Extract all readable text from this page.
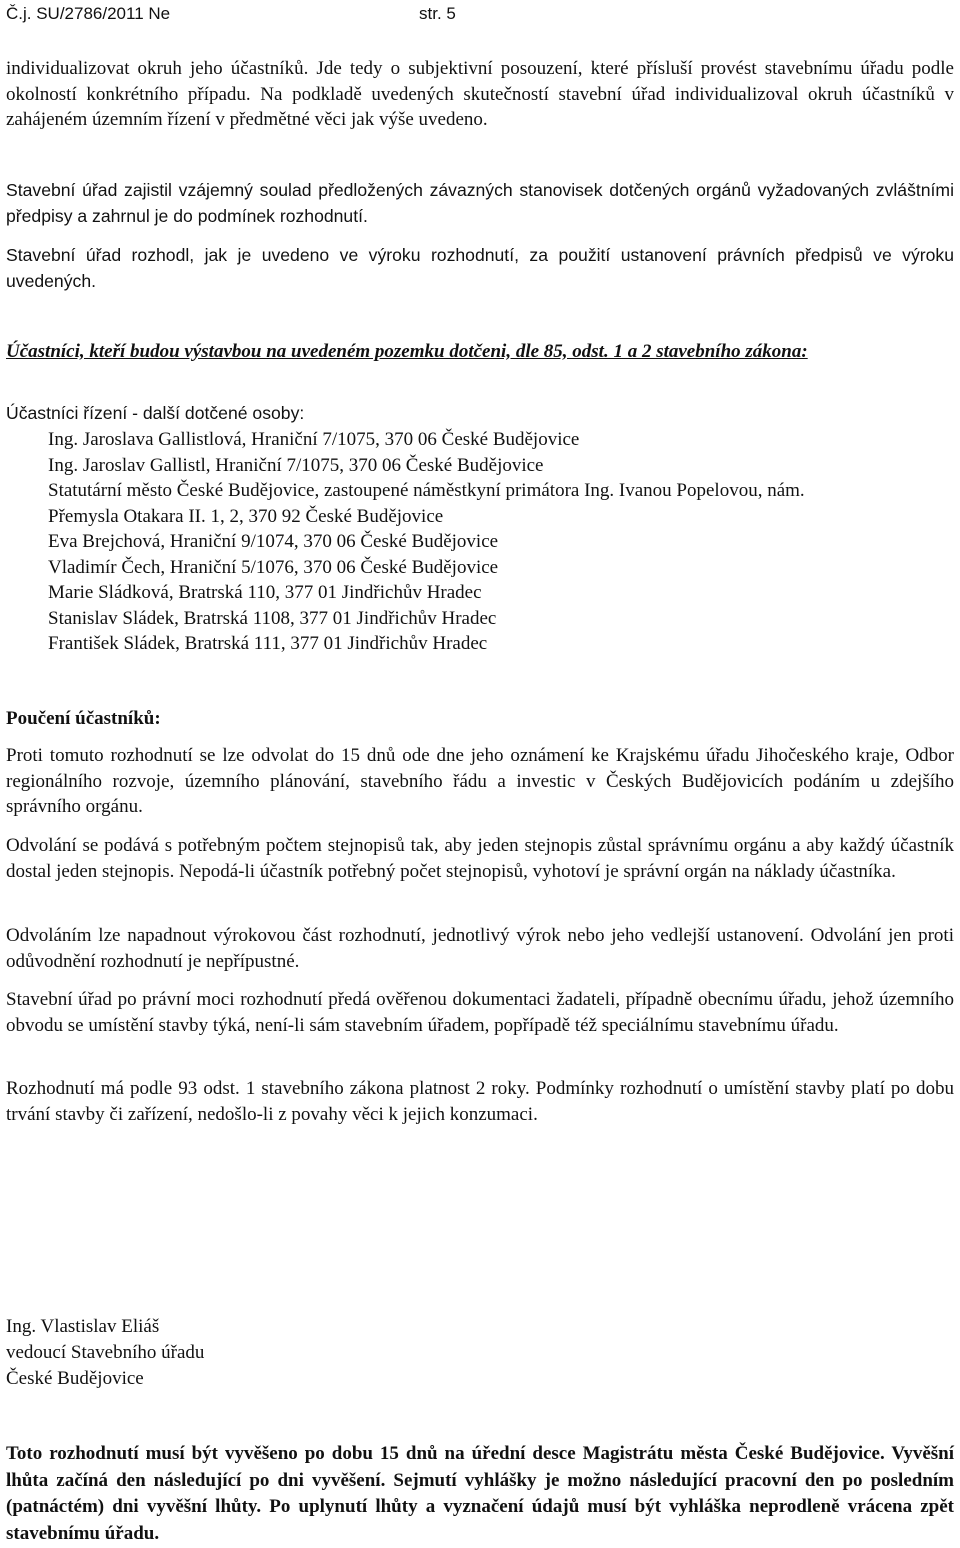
Č.j. SU/2786/2011 Ne	str. 5

individualizovat okruh jeho účastníků. Jde tedy o subjektivní posouzení, které přísluší provést stavebnímu úřadu podle okolností konkrétního případu. Na podkladě uvedených skutečností stavební úřad individualizoval okruh účastníků v zahájeném územním řízení v předmětné věci jak výše uvedeno.

Stavební úřad zajistil vzájemný soulad předložených závazných stanovisek dotčených orgánů vyžadovaných zvláštními předpisy a zahrnul je do podmínek rozhodnutí.

Stavební úřad rozhodl, jak je uvedeno ve výroku rozhodnutí, za použití ustanovení právních předpisů ve výroku uvedených.

Účastníci, kteří budou výstavbou na uvedeném pozemku dotčeni, dle 85, odst. 1 a 2 stavebního zákona:

Účastníci řízení - další dotčené osoby:

Ing. Jaroslava Gallistlová, Hraniční 7/1075, 370 06 České Budějovice
Ing. Jaroslav Gallistl, Hraniční 7/1075, 370 06 České Budějovice
Statutární město České Budějovice, zastoupené náměstkyní primátora Ing. Ivanou Popelovou, nám.
Přemysla Otakara II. 1, 2, 370 92 České Budějovice
Eva Brejchová, Hraniční 9/1074, 370 06 České Budějovice
Vladimír Čech, Hraniční 5/1076, 370 06 České Budějovice
Marie Sládková, Bratrská 110, 377 01 Jindřichův Hradec
Stanislav Sládek, Bratrská 1108, 377 01 Jindřichův Hradec
František Sládek, Bratrská 111, 377 01 Jindřichův Hradec

Poučení účastníků:

Proti tomuto rozhodnutí se lze odvolat do 15 dnů ode dne jeho oznámení ke Krajskému úřadu Jihočeského kraje, Odbor regionálního rozvoje, územního plánování, stavebního řádu a investic v Českých Budějovicích podáním u zdejšího správního orgánu.

Odvolání se podává s potřebným počtem stejnopisů tak, aby jeden stejnopis zůstal správnímu orgánu a aby každý účastník dostal jeden stejnopis. Nepodá-li účastník potřebný počet stejnopisů, vyhotoví je správní orgán na náklady účastníka.

Odvoláním lze napadnout výrokovou část rozhodnutí, jednotlivý výrok nebo jeho vedlejší ustanovení. Odvolání jen proti odůvodnění rozhodnutí je nepřípustné.

Stavební úřad po právní moci rozhodnutí předá ověřenou dokumentaci žadateli, případně obecnímu úřadu, jehož územního obvodu se umístění stavby týká, není-li sám stavebním úřadem, popřípadě též speciálnímu stavebnímu úřadu.

Rozhodnutí má podle 93 odst. 1 stavebního zákona platnost 2 roky. Podmínky rozhodnutí o umístění stavby platí po dobu trvání stavby či zařízení, nedošlo-li z povahy věci k jejich konzumaci.

Ing. Vlastislav Eliáš

vedoucí Stavebního úřadu

České Budějovice

Toto rozhodnutí musí být vyvěšeno po dobu 15 dnů na úřední desce Magistrátu města České Budějovice. Vyvěšní lhůta začíná den následující po dni vyvěšení. Sejmutí vyhlášky je možno následující pracovní den po posledním (patnáctém) dni vyvěšní lhůty. Po uplynutí lhůty a vyznačení údajů musí být vyhláška neprodleně vrácena zpět stavebnímu úřadu.
